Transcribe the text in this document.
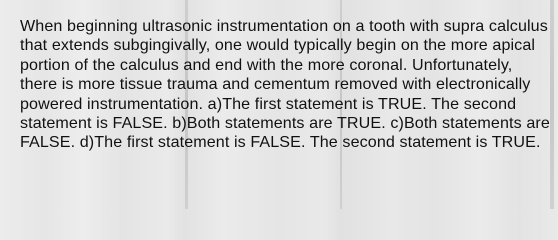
When beginning ultrasonic instrumentation on a tooth with supra calculus that extends subgingivally, one would typically begin on the more apical portion of the calculus and end with the more coronal. Unfortunately, there is more tissue trauma and cementum removed with electronically powered instrumentation. a)The first statement is TRUE. The second statement is FALSE. b)Both statements are TRUE. c)Both statements are FALSE. d)The first statement is FALSE. The second statement is TRUE.
